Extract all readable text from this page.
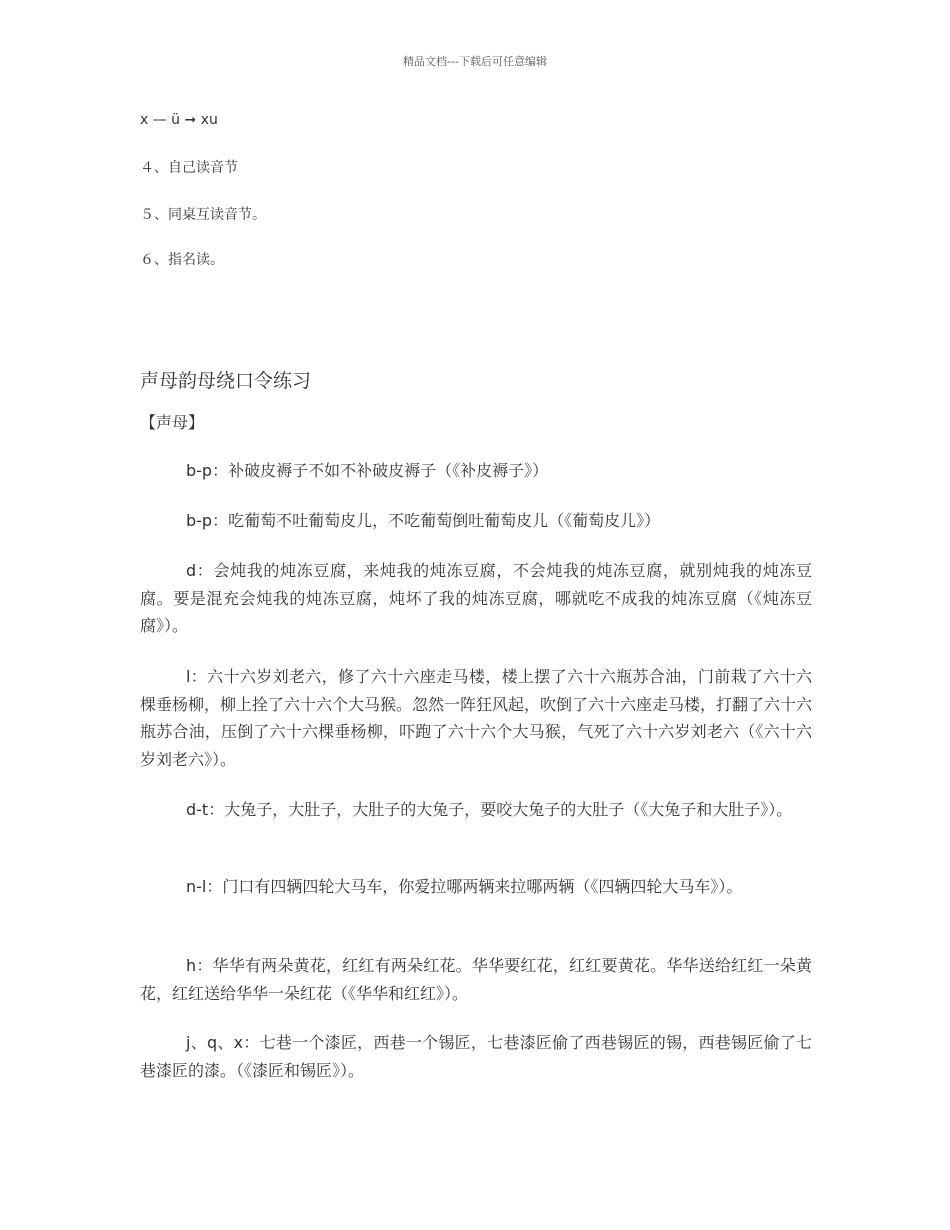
精品文档---下载后可任意编辑
x — ü ➞ xu
４、自己读音节
５、同桌互读音节。
６、指名读。
声母韵母绕口令练习
【声母】

b-p：补破皮褥子不如不补破皮褥子（《补皮褥子》）

b-p：吃葡萄不吐葡萄皮儿，不吃葡萄倒吐葡萄皮儿（《葡萄皮儿》）

d：会炖我的炖冻豆腐，来炖我的炖冻豆腐，不会炖我的炖冻豆腐，就别炖我的炖冻豆腐。要是混充会炖我的炖冻豆腐，炖坏了我的炖冻豆腐，哪就吃不成我的炖冻豆腐（《炖冻豆腐》）。

l：六十六岁刘老六，修了六十六座走马楼，楼上摆了六十六瓶苏合油，门前栽了六十六棵垂杨柳，柳上拴了六十六个大马猴。忽然一阵狂风起，吹倒了六十六座走马楼，打翻了六十六瓶苏合油，压倒了六十六棵垂杨柳，吓跑了六十六个大马猴，气死了六十六岁刘老六（《六十六岁刘老六》）。

d-t：大兔子，大肚子，大肚子的大兔子，要咬大兔子的大肚子（《大兔子和大肚子》）。

n-l：门口有四辆四轮大马车，你爱拉哪两辆来拉哪两辆（《四辆四轮大马车》）。

h：华华有两朵黄花，红红有两朵红花。华华要红花，红红要黄花。华华送给红红一朵黄花，红红送给华华一朵红花（《华华和红红》）。

j、q、x：七巷一个漆匠，西巷一个锡匠，七巷漆匠偷了西巷锡匠的锡，西巷锡匠偷了七巷漆匠的漆。（《漆匠和锡匠》）。
